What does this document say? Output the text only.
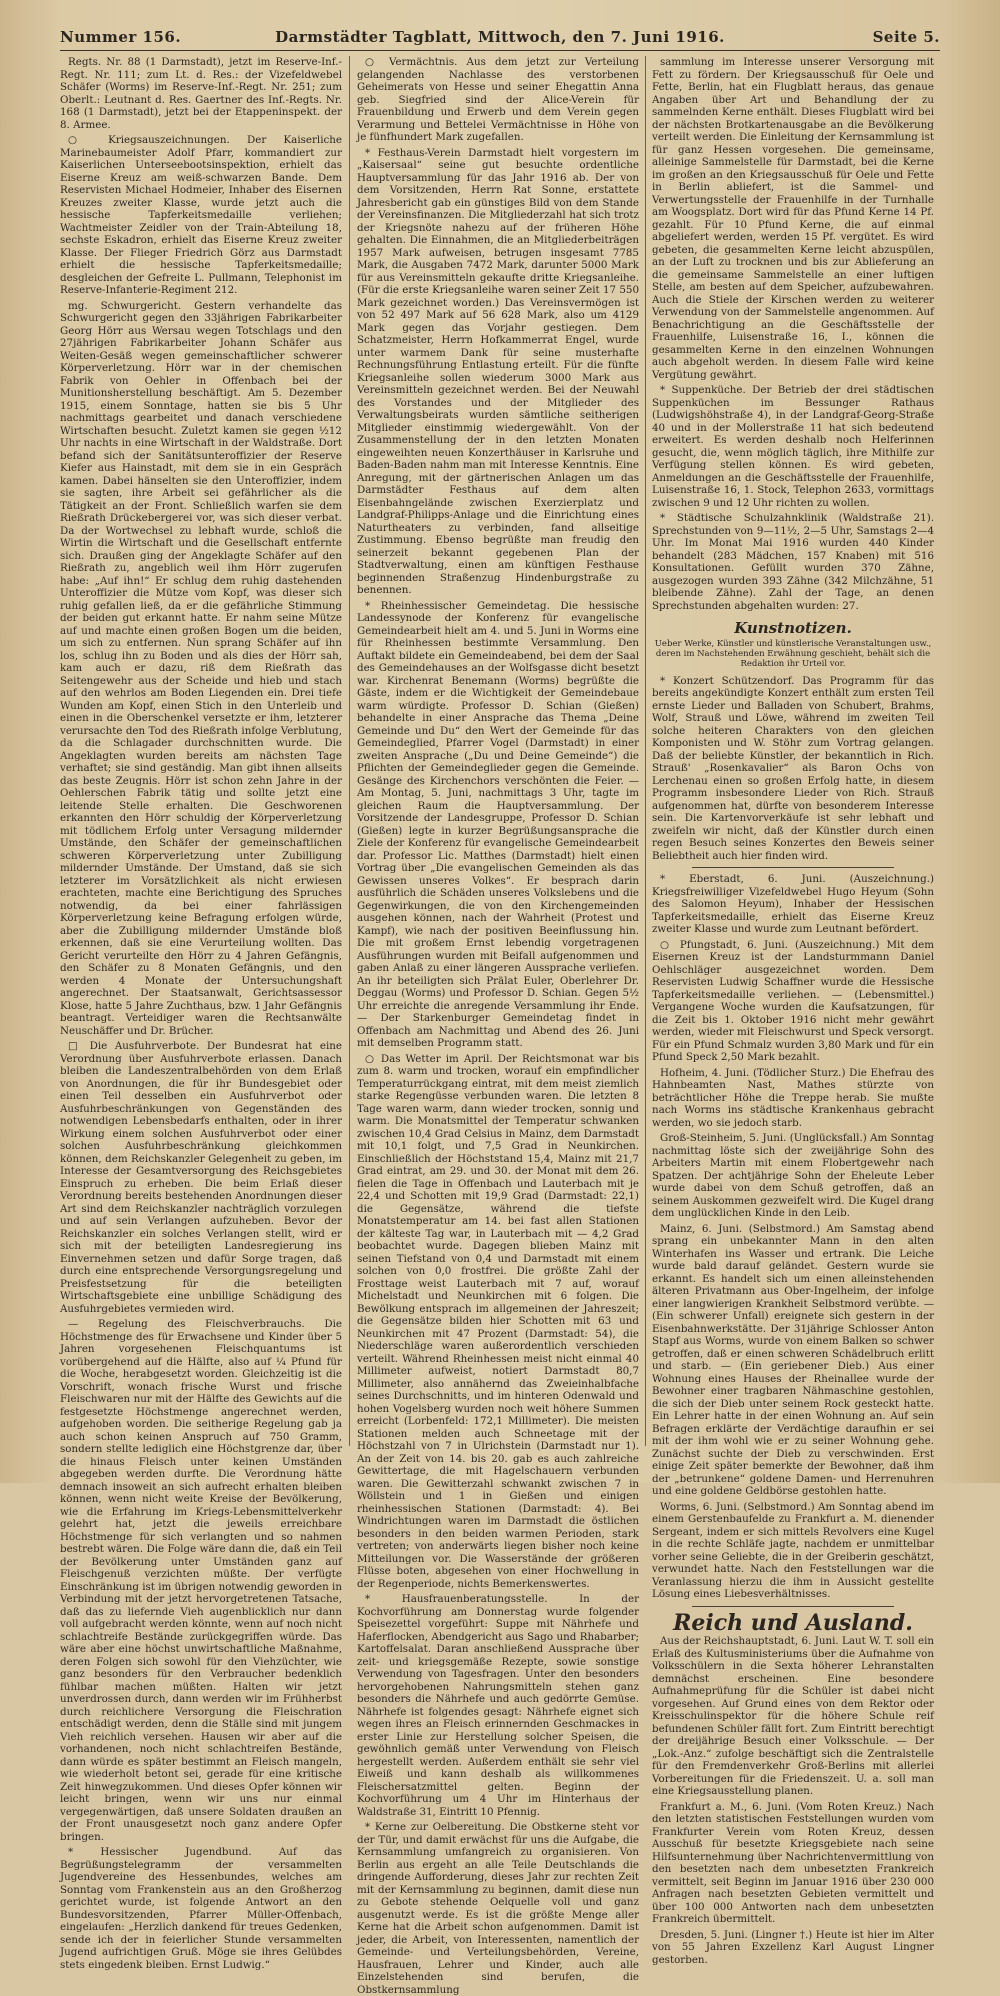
Nummer 156.	Darmstädter Tagblatt, Mittwoch, den 7. Juni 1916.	Seite 5.

Regts. Nr. 88 (1 Darmstadt), jetzt im Reserve-Inf.-Regt. Nr. 111; zum Lt. d. Res.: der Vizefeldwebel Schäfer (Worms) im Reserve-Inf.-Regt. Nr. 251; zum Oberlt.: Leutnant d. Res. Gaertner des Inf.-Regts. Nr. 168 (1 Darmstadt), jetzt bei der Etappeninspekt. der 8. Armee.

○ Kriegsauszeichnungen. Der Kaiserliche Marinebaumeister Adolf Pfarr, kommandiert zur Kaiserlichen Unterseebootsinspektion, erhielt das Eiserne Kreuz am weiß-schwarzen Bande. Dem Reservisten Michael Hodmeier, Inhaber des Eisernen Kreuzes zweiter Klasse, wurde jetzt auch die hessische Tapferkeitsmedaille verliehen; Wachtmeister Zeidler von der Train-Abteilung 18, sechste Eskadron, erhielt das Eiserne Kreuz zweiter Klasse. Der Flieger Friedrich Görz aus Darmstadt erhielt die hessische Tapferkeitsmedaille; desgleichen der Gefreite L. Pullmann, Telephonist im Reserve-Infanterie-Regiment 212.

mg. Schwurgericht. Gestern verhandelte das Schwurgericht gegen den 33jährigen Fabrikarbeiter Georg Hörr aus Wersau wegen Totschlags und den 27jährigen Fabrikarbeiter Johann Schäfer aus Weiten-Gesäß wegen gemeinschaftlicher schwerer Körperverletzung. Hörr war in der chemischen Fabrik von Oehler in Offenbach bei der Munitionsherstellung beschäftigt. Am 5. Dezember 1915, einem Sonntage, hatten sie bis 5 Uhr nachmittags gearbeitet und danach verschiedene Wirtschaften besucht. Zuletzt kamen sie gegen ½12 Uhr nachts in eine Wirtschaft in der Waldstraße. Dort befand sich der Sanitätsunteroffizier der Reserve Kiefer aus Hainstadt, mit dem sie in ein Gespräch kamen. Dabei hänselten sie den Unteroffizier, indem sie sagten, ihre Arbeit sei gefährlicher als die Tätigkeit an der Front. Schließlich warfen sie dem Rießrath Drückebergerei vor, was sich dieser verbat. Da der Wortwechsel zu lebhaft wurde, schloß die Wirtin die Wirtschaft und die Gesellschaft entfernte sich. Draußen ging der Angeklagte Schäfer auf den Rießrath zu, angeblich weil ihm Hörr zugerufen habe: „Auf ihn!“ Er schlug dem ruhig dastehenden Unteroffizier die Mütze vom Kopf, was dieser sich ruhig gefallen ließ, da er die gefährliche Stimmung der beiden gut erkannt hatte. Er nahm seine Mütze auf und machte einen großen Bogen um die beiden, um sich zu entfernen. Nun sprang Schäfer auf ihn los, schlug ihn zu Boden und als dies der Hörr sah, kam auch er dazu, riß dem Rießrath das Seitengewehr aus der Scheide und hieb und stach auf den wehrlos am Boden Liegenden ein. Drei tiefe Wunden am Kopf, einen Stich in den Unterleib und einen in die Oberschenkel versetzte er ihm, letzterer verursachte den Tod des Rießrath infolge Verblutung, da die Schlagader durchschnitten wurde. Die Angeklagten wurden bereits am nächsten Tage verhaftet; sie sind geständig. Man gibt ihnen allseits das beste Zeugnis. Hörr ist schon zehn Jahre in der Oehlerschen Fabrik tätig und sollte jetzt eine leitende Stelle erhalten. Die Geschworenen erkannten den Hörr schuldig der Körperverletzung mit tödlichem Erfolg unter Versagung mildernder Umstände, den Schäfer der gemeinschaftlichen schweren Körperverletzung unter Zubilligung mildernder Umstände. Der Umstand, daß sie sich letzterer im Vorsätzlichkeit als nicht erwiesen erachteten, machte eine Berichtigung des Spruches notwendig, da bei einer fahrlässigen Körperverletzung keine Befragung erfolgen würde, aber die Zubilligung mildernder Umstände bloß erkennen, daß sie eine Verurteilung wollten. Das Gericht verurteilte den Hörr zu 4 Jahren Gefängnis, den Schäfer zu 8 Monaten Gefängnis, und den werden 4 Monate der Untersuchungshaft angerechnet. Der Staatsanwalt, Gerichtsassessor Klose, hatte 5 Jahre Zuchthaus, bzw. 1 Jahr Gefängnis beantragt. Verteidiger waren die Rechtsanwälte Neuschäffer und Dr. Brücher.

□ Die Ausfuhrverbote. Der Bundesrat hat eine Verordnung über Ausfuhrverbote erlassen. Danach bleiben die Landeszentralbehörden von dem Erlaß von Anordnungen, die für ihr Bundesgebiet oder einen Teil desselben ein Ausfuhrverbot oder Ausfuhrbeschränkungen von Gegenständen des notwendigen Lebensbedarfs enthalten, oder in ihrer Wirkung einem solchen Ausfuhrverbot oder einer solchen Ausfuhrbeschränkung gleichkommen können, dem Reichskanzler Gelegenheit zu geben, im Interesse der Gesamtversorgung des Reichsgebietes Einspruch zu erheben. Die beim Erlaß dieser Verordnung bereits bestehenden Anordnungen dieser Art sind dem Reichskanzler nachträglich vorzulegen und auf sein Verlangen aufzuheben. Bevor der Reichskanzler ein solches Verlangen stellt, wird er sich mit der beteiligten Landesregierung ins Einvernehmen setzen und dafür Sorge tragen, daß durch eine entsprechende Versorgungsregelung und Preisfestsetzung für die beteiligten Wirtschaftsgebiete eine unbillige Schädigung des Ausfuhrgebietes vermieden wird.

— Regelung des Fleischverbrauchs. Die Höchstmenge des für Erwachsene und Kinder über 5 Jahren vorgesehenen Fleischquantums ist vorübergehend auf die Hälfte, also auf ¼ Pfund für die Woche, herabgesetzt worden. Gleichzeitig ist die Vorschrift, wonach frische Wurst und frische Fleischwaren nur mit der Hälfte des Gewichts auf die festgesetzte Höchstmenge angerechnet werden, aufgehoben worden. Die seitherige Regelung gab ja auch schon keinen Anspruch auf 750 Gramm, sondern stellte lediglich eine Höchstgrenze dar, über die hinaus Fleisch unter keinen Umständen abgegeben werden durfte. Die Verordnung hätte demnach insoweit an sich aufrecht erhalten bleiben können, wenn nicht weite Kreise der Bevölkerung, wie die Erfahrung im Kriegs-Lebensmittelverkehr gelehrt hat, jetzt die jeweils erreichbare Höchstmenge für sich verlangten und so nahmen bestrebt wären. Die Folge wäre dann die, daß ein Teil der Bevölkerung unter Umständen ganz auf Fleischgenuß verzichten müßte. Der verfügte Einschränkung ist im übrigen notwendig geworden in Verbindung mit der jetzt hervorgetretenen Tatsache, daß das zu liefernde Vieh augenblicklich nur dann voll aufgebracht werden könnte, wenn auf noch nicht schlachtreife Bestände zurückgegriffen würde. Das wäre aber eine höchst unwirtschaftliche Maßnahme, deren Folgen sich sowohl für den Viehzüchter, wie ganz besonders für den Verbraucher bedenklich fühlbar machen müßten. Halten wir jetzt unverdrossen durch, dann werden wir im Frühherbst durch reichlichere Versorgung die Fleischration entschädigt werden, denn die Ställe sind mit jungem Vieh reichlich versehen. Hausen wir aber auf die vorhandenen, noch nicht schlachtreifen Bestände, dann würde es später bestimmt an Fleisch mangeln, wie wiederholt betont sei, gerade für eine kritische Zeit hinwegzukommen. Und dieses Opfer können wir leicht bringen, wenn wir uns nur einmal vergegenwärtigen, daß unsere Soldaten draußen an der Front unausgesetzt noch ganz andere Opfer bringen.

* Hessischer Jugendbund. Auf das Begrüßungstelegramm der versammelten Jugendvereine des Hessenbundes, welches am Sonntag vom Frankenstein aus an den Großherzog gerichtet wurde, ist folgende Antwort an den Bundesvorsitzenden, Pfarrer Müller-Offenbach, eingelaufen: „Herzlich dankend für treues Gedenken, sende ich der in feierlicher Stunde versammelten Jugend aufrichtigen Gruß. Möge sie ihres Gelübdes stets eingedenk bleiben. Ernst Ludwig.“

○ Vermächtnis. Aus dem jetzt zur Verteilung gelangenden Nachlasse des verstorbenen Geheimerats von Hesse und seiner Ehegattin Anna geb. Siegfried sind der Alice-Verein für Frauenbildung und Erwerb und dem Verein gegen Verarmung und Bettelei Vermächtnisse in Höhe von je fünfhundert Mark zugefallen.

* Festhaus-Verein Darmstadt hielt vorgestern im „Kaisersaal“ seine gut besuchte ordentliche Hauptversammlung für das Jahr 1916 ab. Der von dem Vorsitzenden, Herrn Rat Sonne, erstattete Jahresbericht gab ein günstiges Bild von dem Stande der Vereinsfinanzen. Die Mitgliederzahl hat sich trotz der Kriegsnöte nahezu auf der früheren Höhe gehalten. Die Einnahmen, die an Mitgliederbeiträgen 1957 Mark aufweisen, betrugen insgesamt 7785 Mark, die Ausgaben 7472 Mark, darunter 5000 Mark für aus Vereinsmitteln gekaufte dritte Kriegsanleihe. (Für die erste Kriegsanleihe waren seiner Zeit 17 550 Mark gezeichnet worden.) Das Vereinsvermögen ist von 52 497 Mark auf 56 628 Mark, also um 4129 Mark gegen das Vorjahr gestiegen. Dem Schatzmeister, Herrn Hofkammerrat Engel, wurde unter warmem Dank für seine musterhafte Rechnungsführung Entlastung erteilt. Für die fünfte Kriegsanleihe sollen wiederum 3000 Mark aus Vereinsmitteln gezeichnet werden. Bei der Neuwahl des Vorstandes und der Mitglieder des Verwaltungsbeirats wurden sämtliche seitherigen Mitglieder einstimmig wiedergewählt. Von der Zusammenstellung der in den letzten Monaten eingeweihten neuen Konzerthäuser in Karlsruhe und Baden-Baden nahm man mit Interesse Kenntnis. Eine Anregung, mit der gärtnerischen Anlagen um das Darmstädter Festhaus auf dem alten Eisenbahngelände zwischen Exerzierplatz und Landgraf-Philipps-Anlage und die Einrichtung eines Naturtheaters zu verbinden, fand allseitige Zustimmung. Ebenso begrüßte man freudig den seinerzeit bekannt gegebenen Plan der Stadtverwaltung, einen am künftigen Festhause beginnenden Straßenzug Hindenburgstraße zu benennen.

* Rheinhessischer Gemeindetag. Die hessische Landessynode der Konferenz für evangelische Gemeindearbeit hielt am 4. und 5. Juni in Worms eine für Rheinhessen bestimmte Versammlung. Den Auftakt bildete ein Gemeindeabend, bei dem der Saal des Gemeindehauses an der Wolfsgasse dicht besetzt war. Kirchenrat Benemann (Worms) begrüßte die Gäste, indem er die Wichtigkeit der Gemeindebaue warm würdigte. Professor D. Schian (Gießen) behandelte in einer Ansprache das Thema „Deine Gemeinde und Du“ den Wert der Gemeinde für das Gemeindeglied, Pfarrer Vogel (Darmstadt) in einer zweiten Ansprache („Du und Deine Gemeinde“) die Pflichten der Gemeindeglieder gegen die Gemeinde. Gesänge des Kirchenchors verschönten die Feier. — Am Montag, 5. Juni, nachmittags 3 Uhr, tagte im gleichen Raum die Hauptversammlung. Der Vorsitzende der Landesgruppe, Professor D. Schian (Gießen) legte in kurzer Begrüßungsansprache die Ziele der Konferenz für evangelische Gemeindearbeit dar. Professor Lic. Matthes (Darmstadt) hielt einen Vortrag über „Die evangelischen Gemeinden als das Gewissen unseres Volkes“. Er besprach darin ausführlich die Schäden unseres Volkslebens und die Gegenwirkungen, die von den Kirchengemeinden ausgehen können, nach der Wahrheit (Protest und Kampf), wie nach der positiven Beeinflussung hin. Die mit großem Ernst lebendig vorgetragenen Ausführungen wurden mit Beifall aufgenommen und gaben Anlaß zu einer längeren Aussprache verliefen. An ihr beteiligten sich Prälat Euler, Oberlehrer Dr. Deggau (Worms) und Professor D. Schian. Gegen 5½ Uhr erreichte die anregende Versammlung ihr Ende. — Der Starkenburger Gemeindetag findet in Offenbach am Nachmittag und Abend des 26. Juni mit demselben Programm statt.

○ Das Wetter im April. Der Reichtsmonat war bis zum 8. warm und trocken, worauf ein empfindlicher Temperaturrückgang eintrat, mit dem meist ziemlich starke Regengüsse verbunden waren. Die letzten 8 Tage waren warm, dann wieder trocken, sonnig und warm. Die Monatsmittel der Temperatur schwanken zwischen 10,4 Grad Celsius in Mainz, dem Darmstadt mit 10,1 folgt, und 7,5 Grad in Neunkirchen. Einschließlich der Höchststand 15,4, Mainz mit 21,7 Grad eintrat, am 29. und 30. der Monat mit dem 26. fielen die Tage in Offenbach und Lauterbach mit je 22,4 und Schotten mit 19,9 Grad (Darmstadt: 22,1) die Gegensätze, während die tiefste Monatstemperatur am 14. bei fast allen Stationen der kälteste Tag war, in Lauterbach mit — 4,2 Grad beobachtet wurde. Dagegen blieben Mainz mit seinen Tiefstand von 0,4 und Darmstadt mit einem solchen von 0,0 frostfrei. Die größte Zahl der Frosttage weist Lauterbach mit 7 auf, worauf Michelstadt und Neunkirchen mit 6 folgen. Die Bewölkung entsprach im allgemeinen der Jahreszeit; die Gegensätze bilden hier Schotten mit 63 und Neunkirchen mit 47 Prozent (Darmstadt: 54), die Niederschläge waren außerordentlich verschieden verteilt. Während Rheinhessen meist nicht einmal 40 Millimeter aufweist, notiert Darmstadt 80,7 Millimeter, also annähernd das Zweieinhalbfache seines Durchschnitts, und im hinteren Odenwald und hohen Vogelsberg wurden noch weit höhere Summen erreicht (Lorbenfeld: 172,1 Millimeter). Die meisten Stationen melden auch Schneetage mit der Höchstzahl von 7 in Ulrichstein (Darmstadt nur 1). An der Zeit von 14. bis 20. gab es auch zahlreiche Gewittertage, die mit Hagelschauern verbunden waren. Die Gewitterzahl schwankt zwischen 7 in Wöllstein und 1 in Gießen und einigen rheinhessischen Stationen (Darmstadt: 4). Bei Windrichtungen waren im Darmstadt die östlichen besonders in den beiden warmen Perioden, stark vertreten; von anderwärts liegen bisher noch keine Mitteilungen vor. Die Wasserstände der größeren Flüsse boten, abgesehen von einer Hochwellung in der Regenperiode, nichts Bemerkenswertes.

* Hausfrauenberatungsstelle. In der Kochvorführung am Donnerstag wurde folgender Speisezettel vorgeführt: Suppe mit Nährhefe und Haferflocken, Abendgericht aus Sago und Rhabarber; Kartoffelsalat. Daran anschließend Aussprache über zeit- und kriegsgemäße Rezepte, sowie sonstige Verwendung von Tagesfragen. Unter den besonders hervorgehobenen Nahrungsmitteln stehen ganz besonders die Nährhefe und auch gedörrte Gemüse. Nährhefe ist folgendes gesagt: Nährhefe eignet sich wegen ihres an Fleisch erinnernden Geschmackes in erster Linie zur Herstellung solcher Speisen, die gewöhnlich gemäß unter Verwendung von Fleisch hergestellt werden. Außerdem enthält sie sehr viel Eiweiß und kann deshalb als willkommenes Fleischersatzmittel gelten. Beginn der Kochvorführung um 4 Uhr im Hinterhaus der Waldstraße 31, Eintritt 10 Pfennig.

* Kerne zur Oelbereitung. Die Obstkerne steht vor der Tür, und damit erwächst für uns die Aufgabe, die Kernsammlung umfangreich zu organisieren. Von Berlin aus ergeht an alle Teile Deutschlands die dringende Aufforderung, dieses Jahr zur rechten Zeit mit der Kernsammlung zu beginnen, damit diese nun zu Gebote stehende Oelquelle voll und ganz ausgenutzt werde. Es ist die größte Menge aller Kerne hat die Arbeit schon aufgenommen. Damit ist jeder, die Arbeit, von Interessenten, namentlich der Gemeinde- und Verteilungsbehörden, Vereine, Hausfrauen, Lehrer und Kinder, auch alle Einzelstehenden sind berufen, die Obstkernsammlung

sammlung im Interesse unserer Versorgung mit Fett zu fördern. Der Kriegsausschuß für Oele und Fette, Berlin, hat ein Flugblatt heraus, das genaue Angaben über Art und Behandlung der zu sammelnden Kerne enthält. Dieses Flugblatt wird bei der nächsten Brotkartenausgabe an die Bevölkerung verteilt werden. Die Einleitung der Kernsammlung ist für ganz Hessen vorgesehen. Die gemeinsame, alleinige Sammelstelle für Darmstadt, bei die Kerne im großen an den Kriegsausschuß für Oele und Fette in Berlin abliefert, ist die Sammel- und Verwertungsstelle der Frauenhilfe in der Turnhalle am Woogsplatz. Dort wird für das Pfund Kerne 14 Pf. gezahlt. Für 10 Pfund Kerne, die auf einmal abgeliefert werden, werden 15 Pf. vergütet. Es wird gebeten, die gesammelten Kerne leicht abzuspülen, an der Luft zu trocknen und bis zur Ablieferung an die gemeinsame Sammelstelle an einer luftigen Stelle, am besten auf dem Speicher, aufzubewahren. Auch die Stiele der Kirschen werden zu weiterer Verwendung von der Sammelstelle angenommen. Auf Benachrichtigung an die Geschäftsstelle der Frauenhilfe, Luisenstraße 16, I., können die gesammelten Kerne in den einzelnen Wohnungen auch abgeholt werden. In diesem Falle wird keine Vergütung gewährt.

* Suppenküche. Der Betrieb der drei städtischen Suppenküchen im Bessunger Rathaus (Ludwigshöhstraße 4), in der Landgraf-Georg-Straße 40 und in der Mollerstraße 11 hat sich bedeutend erweitert. Es werden deshalb noch Helferinnen gesucht, die, wenn möglich täglich, ihre Mithilfe zur Verfügung stellen können. Es wird gebeten, Anmeldungen an die Geschäftsstelle der Frauenhilfe, Luisenstraße 16, 1. Stock, Telephon 2633, vormittags zwischen 9 und 12 Uhr richten zu wollen.

* Städtische Schulzahnklinik (Waldstraße 21). Sprechstunden von 9—11½, 2—5 Uhr, Samstags 2—4 Uhr. Im Monat Mai 1916 wurden 440 Kinder behandelt (283 Mädchen, 157 Knaben) mit 516 Konsultationen. Gefüllt wurden 370 Zähne, ausgezogen wurden 393 Zähne (342 Milchzähne, 51 bleibende Zähne). Zahl der Tage, an denen Sprechstunden abgehalten wurden: 27.

Kunstnotizen.
Ueber Werke, Künstler und künstlerische Veranstaltungen usw., deren im Nachstehenden Erwähnung geschieht, behält sich die Redaktion ihr Urteil vor.

* Konzert Schützendorf. Das Programm für das bereits angekündigte Konzert enthält zum ersten Teil ernste Lieder und Balladen von Schubert, Brahms, Wolf, Strauß und Löwe, während im zweiten Teil solche heiteren Charakters von den gleichen Komponisten und W. Stöhr zum Vortrag gelangen. Daß der beliebte Künstler, der bekanntlich in Rich. Strauß' „Rosenkavalier“ als Baron Ochs von Lerchenau einen so großen Erfolg hatte, in diesem Programm insbesondere Lieder von Rich. Strauß aufgenommen hat, dürfte von besonderem Interesse sein. Die Kartenvorverkäufe ist sehr lebhaft und zweifeln wir nicht, daß der Künstler durch einen regen Besuch seines Konzertes den Beweis seiner Beliebtheit auch hier finden wird.

* Eberstadt, 6. Juni. (Auszeichnung.) Kriegsfreiwilliger Vizefeldwebel Hugo Heyum (Sohn des Salomon Heyum), Inhaber der Hessischen Tapferkeitsmedaille, erhielt das Eiserne Kreuz zweiter Klasse und wurde zum Leutnant befördert.

○ Pfungstadt, 6. Juni. (Auszeichnung.) Mit dem Eisernen Kreuz ist der Landsturmmann Daniel Oehlschläger ausgezeichnet worden. Dem Reservisten Ludwig Schaffner wurde die Hessische Tapferkeitsmedaille verliehen. — (Lebensmittel.) Vergangene Woche wurden die Kaufsatzungen, für die Zeit bis 1. Oktober 1916 nicht mehr gewährt werden, wieder mit Fleischwurst und Speck versorgt. Für ein Pfund Schmalz wurden 3,80 Mark und für ein Pfund Speck 2,50 Mark bezahlt.

Hofheim, 4. Juni. (Tödlicher Sturz.) Die Ehefrau des Hahnbeamten Nast, Mathes stürzte von beträchtlicher Höhe die Treppe herab. Sie mußte nach Worms ins städtische Krankenhaus gebracht werden, wo sie jedoch starb.

Groß-Steinheim, 5. Juni. (Unglücksfall.) Am Sonntag nachmittag löste sich der zweijährige Sohn des Arbeiters Martin mit einem Flobertgewehr nach Spatzen. Der achtjährige Sohn der Eheleute Leber wurde dabei von dem Schuß getroffen, daß an seinem Auskommen gezweifelt wird. Die Kugel drang dem unglücklichen Kinde in den Leib.

Mainz, 6. Juni. (Selbstmord.) Am Samstag abend sprang ein unbekannter Mann in den alten Winterhafen ins Wasser und ertrank. Die Leiche wurde bald darauf geländet. Gestern wurde sie erkannt. Es handelt sich um einen alleinstehenden älteren Privatmann aus Ober-Ingelheim, der infolge einer langwierigen Krankheit Selbstmord verübte. — (Ein schwerer Unfall) ereignete sich gestern in der Eisenbahnwerkstätte. Der 31jährige Schlosser Anton Stapf aus Worms, wurde von einem Balken so schwer getroffen, daß er einen schweren Schädelbruch erlitt und starb. — (Ein geriebener Dieb.) Aus einer Wohnung eines Hauses der Rheinallee wurde der Bewohner einer tragbaren Nähmaschine gestohlen, die sich der Dieb unter seinem Rock gesteckt hatte. Ein Lehrer hatte in der einen Wohnung an. Auf sein Befragen erklärte der Verdächtige daraufhin er sei mit der ihm wohl wie er zu seiner Wohnung gehe. Zunächst suchte der Dieb zu verschwinden. Erst einige Zeit später bemerkte der Bewohner, daß ihm der „betrunkene“ goldene Damen- und Herrenuhren und eine goldene Geldbörse gestohlen hatte.

Worms, 6. Juni. (Selbstmord.) Am Sonntag abend im einem Gerstenbaufelde zu Frankfurt a. M. dienender Sergeant, indem er sich mittels Revolvers eine Kugel in die rechte Schläfe jagte, nachdem er unmittelbar vorher seine Geliebte, die in der Greiberin geschätzt, verwundet hatte. Nach den Feststellungen war die Veranlassung hierzu die ihm in Aussicht gestellte Lösung eines Liebesverhältnisses.

Reich und Ausland.

Aus der Reichshauptstadt, 6. Juni. Laut W. T. soll ein Erlaß des Kultusministeriums über die Aufnahme von Volksschülern in die Sexta höherer Lehranstalten demnächst erscheinen. Eine besondere Aufnahmeprüfung für die Schüler ist dabei nicht vorgesehen. Auf Grund eines von dem Rektor oder Kreisschulinspektor für die höhere Schule reif befundenen Schüler fällt fort. Zum Eintritt berechtigt der dreijährige Besuch einer Volksschule. — Der „Lok.-Anz.“ zufolge beschäftigt sich die Zentralstelle für den Fremdenverkehr Groß-Berlins mit allerlei Vorbereitungen für die Friedenszeit. U. a. soll man eine Kriegsausstellung planen.

Frankfurt a. M., 6. Juni. (Vom Roten Kreuz.) Nach den letzten statistischen Feststellungen wurden vom Frankfurter Verein vom Roten Kreuz, dessen Ausschuß für besetzte Kriegsgebiete nach seine Hilfsunternehmung über Nachrichtenvermittlung von den besetzten nach dem unbesetzten Frankreich vermittelt, seit Beginn im Januar 1916 über 230 000 Anfragen nach besetzten Gebieten vermittelt und über 100 000 Antworten nach dem unbesetzten Frankreich übermittelt.

Dresden, 5. Juni. (Lingner †.) Heute ist hier im Alter von 55 Jahren Exzellenz Karl August Lingner gestorben.
